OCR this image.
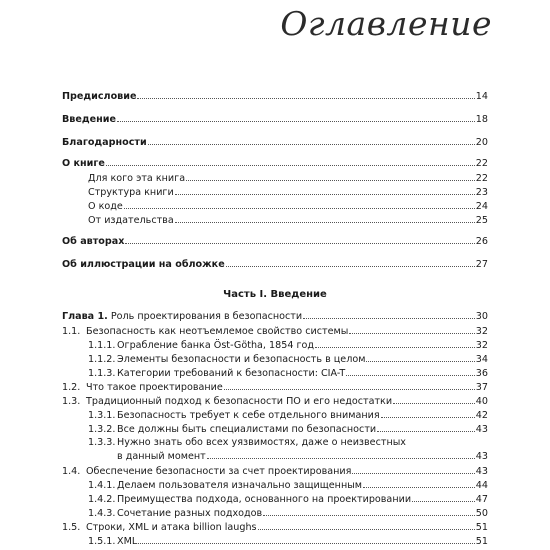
Оглавление
Предисловие	14
Введение	18
Благодарности	20
О книге	22
Для кого эта книга	22
Структура книги	23
О коде	24
От издательства	25
Об авторах	26
Об иллюстрации на обложке	27
Часть I. Введение
Глава 1.
Роль проектирования в безопасности	30
1.1. Безопасность как неотъемлемое свойство системы	32
1.1.1. Ограбление банка Öst-Götha, 1854 год	32
1.1.2. Элементы безопасности и безопасность в целом	34
1.1.3. Категории требований к безопасности: CIA-T	36
1.2. Что такое проектирование	37
1.3. Традиционный подход к безопасности ПО и его недостатки	40
1.3.1. Безопасность требует к себе отдельного внимания	42
1.3.2. Все должны быть специалистами по безопасности	43
1.3.3. Нужно знать обо всех уязвимостях, даже о неизвестных
в данный момент	43
1.4. Обеспечение безопасности за счет проектирования	43
1.4.1. Делаем пользователя изначально защищенным	44
1.4.2. Преимущества подхода, основанного на проектировании	47
1.4.3. Сочетание разных подходов	50
1.5. Строки, XML и атака billion laughs	51
1.5.1. XML	51
